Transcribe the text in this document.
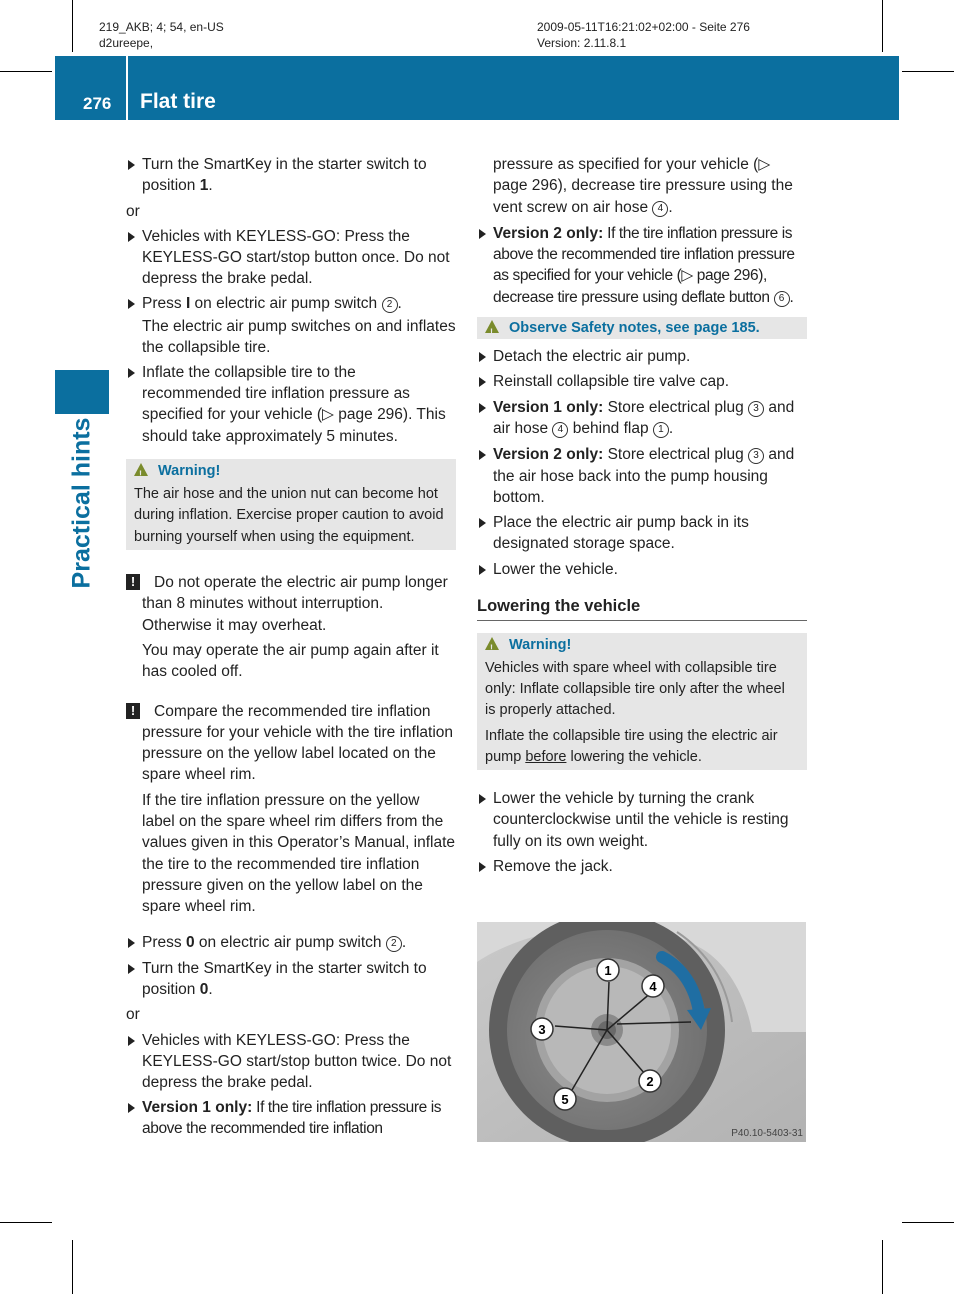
219_AKB; 4; 54, en-US
d2ureepe,
2009-05-11T16:21:02+02:00 - Seite 276
Version: 2.11.8.1
276 Flat tire
Practical hints

Turn the SmartKey in the starter switch to position 1.

or

Vehicles with KEYLESS-GO: Press the KEYLESS-GO start/stop button once. Do not depress the brake pedal.

Press I on electric air pump switch 2 .

The electric air pump switches on and inflates the collapsible tire.

Inflate the collapsible tire to the recommended tire inflation pressure as specified for your vehicle (▷ page 296). This should take approximately 5 minutes.

!Warning!
The air hose and the union nut can become hot during inflation. Exercise proper caution to avoid burning yourself when using the equipment.

!	Do not operate the electric air pump longer than 8 minutes without interruption. Otherwise it may overheat.

You may operate the air pump again after it has cooled off.

!	Compare the recommended tire inflation pressure for your vehicle with the tire inflation pressure on the yellow label located on the spare wheel rim.

If the tire inflation pressure on the yellow label on the spare wheel rim differs from the values given in this Operator’s Manual, inflate the tire to the recommended tire inflation pressure given on the yellow label on the spare wheel rim.

Press 0 on electric air pump switch 2 .

Turn the SmartKey in the starter switch to position 0.

or

Vehicles with KEYLESS-GO: Press the KEYLESS-GO start/stop button twice. Do not depress the brake pedal.

Version 1 only: If the tire inflation pressure is above the recommended tire inflation

pressure as specified for your vehicle (▷ page 296), decrease tire pressure using the vent screw on air hose 4 .

Version 2 only: If the tire inflation pressure is above the recommended tire inflation pressure as specified for your vehicle (▷ page 296), decrease tire pressure using deflate button 6 .

!Observe Safety notes, see page 185.

Detach the electric air pump.

Reinstall collapsible tire valve cap.

Version 1 only: Store electrical plug 3 and air hose 4 behind flap 1 .

Version 2 only: Store electrical plug 3 and the air hose back into the pump housing bottom.

Place the electric air pump back in its designated storage space.

Lower the vehicle.

Lowering the vehicle
!Warning!
Vehicles with spare wheel with collapsible tire only: Inflate collapsible tire only after the wheel is properly attached.
Inflate the collapsible tire using the electric air pump before lowering the vehicle.

Lower the vehicle by turning the crank counterclockwise until the vehicle is resting fully on its own weight.

Remove the jack.

1
4
3
2
5
P40.10-5403-31
